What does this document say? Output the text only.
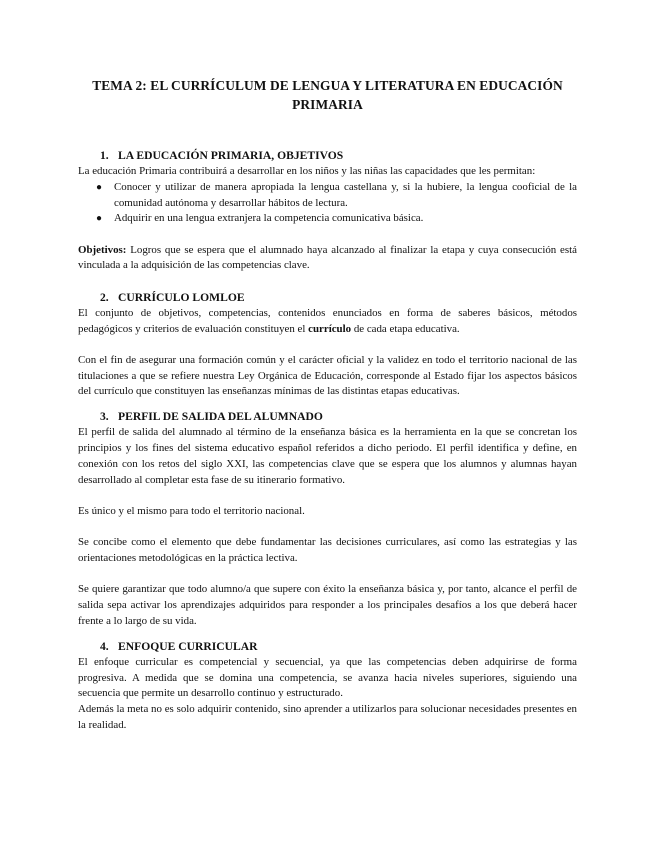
TEMA 2: EL CURRÍCULUM DE LENGUA Y LITERATURA EN EDUCACIÓN PRIMARIA
1. LA EDUCACIÓN PRIMARIA, OBJETIVOS

La educación Primaria contribuirá a desarrollar en los niños y las niñas las capacidades que les permitan:

● Conocer y utilizar de manera apropiada la lengua castellana y, si la hubiere, la lengua cooficial de la comunidad autónoma y desarrollar hábitos de lectura.
● Adquirir en una lengua extranjera la competencia comunicativa básica.

Objetivos: Logros que se espera que el alumnado haya alcanzado al finalizar la etapa y cuya consecución está vinculada a la adquisición de las competencias clave.

2. CURRÍCULO LOMLOE

El conjunto de objetivos, competencias, contenidos enunciados en forma de saberes básicos, métodos pedagógicos y criterios de evaluación constituyen el currículo de cada etapa educativa.

Con el fin de asegurar una formación común y el carácter oficial y la validez en todo el territorio nacional de las titulaciones a que se refiere nuestra Ley Orgánica de Educación, corresponde al Estado fijar los aspectos básicos del currículo que constituyen las enseñanzas mínimas de las distintas etapas educativas.

3. PERFIL DE SALIDA DEL ALUMNADO

El perfil de salida del alumnado al término de la enseñanza básica es la herramienta en la que se concretan los principios y los fines del sistema educativo español referidos a dicho periodo. El perfil identifica y define, en conexión con los retos del siglo XXI, las competencias clave que se espera que los alumnos y alumnas hayan desarrollado al completar esta fase de su itinerario formativo.

Es único y el mismo para todo el territorio nacional.

Se concibe como el elemento que debe fundamentar las decisiones curriculares, así como las estrategias y las orientaciones metodológicas en la práctica lectiva.

Se quiere garantizar que todo alumno/a que supere con éxito la enseñanza básica y, por tanto, alcance el perfil de salida sepa activar los aprendizajes adquiridos para responder a los principales desafíos a los que deberá hacer frente a lo largo de su vida.

4. ENFOQUE CURRICULAR

El enfoque curricular es competencial y secuencial, ya que las competencias deben adquirirse de forma progresiva. A medida que se domina una competencia, se avanza hacia niveles superiores, siguiendo una secuencia que permite un desarrollo continuo y estructurado.

Además la meta no es solo adquirir contenido, sino aprender a utilizarlos para solucionar necesidades presentes en la realidad.
